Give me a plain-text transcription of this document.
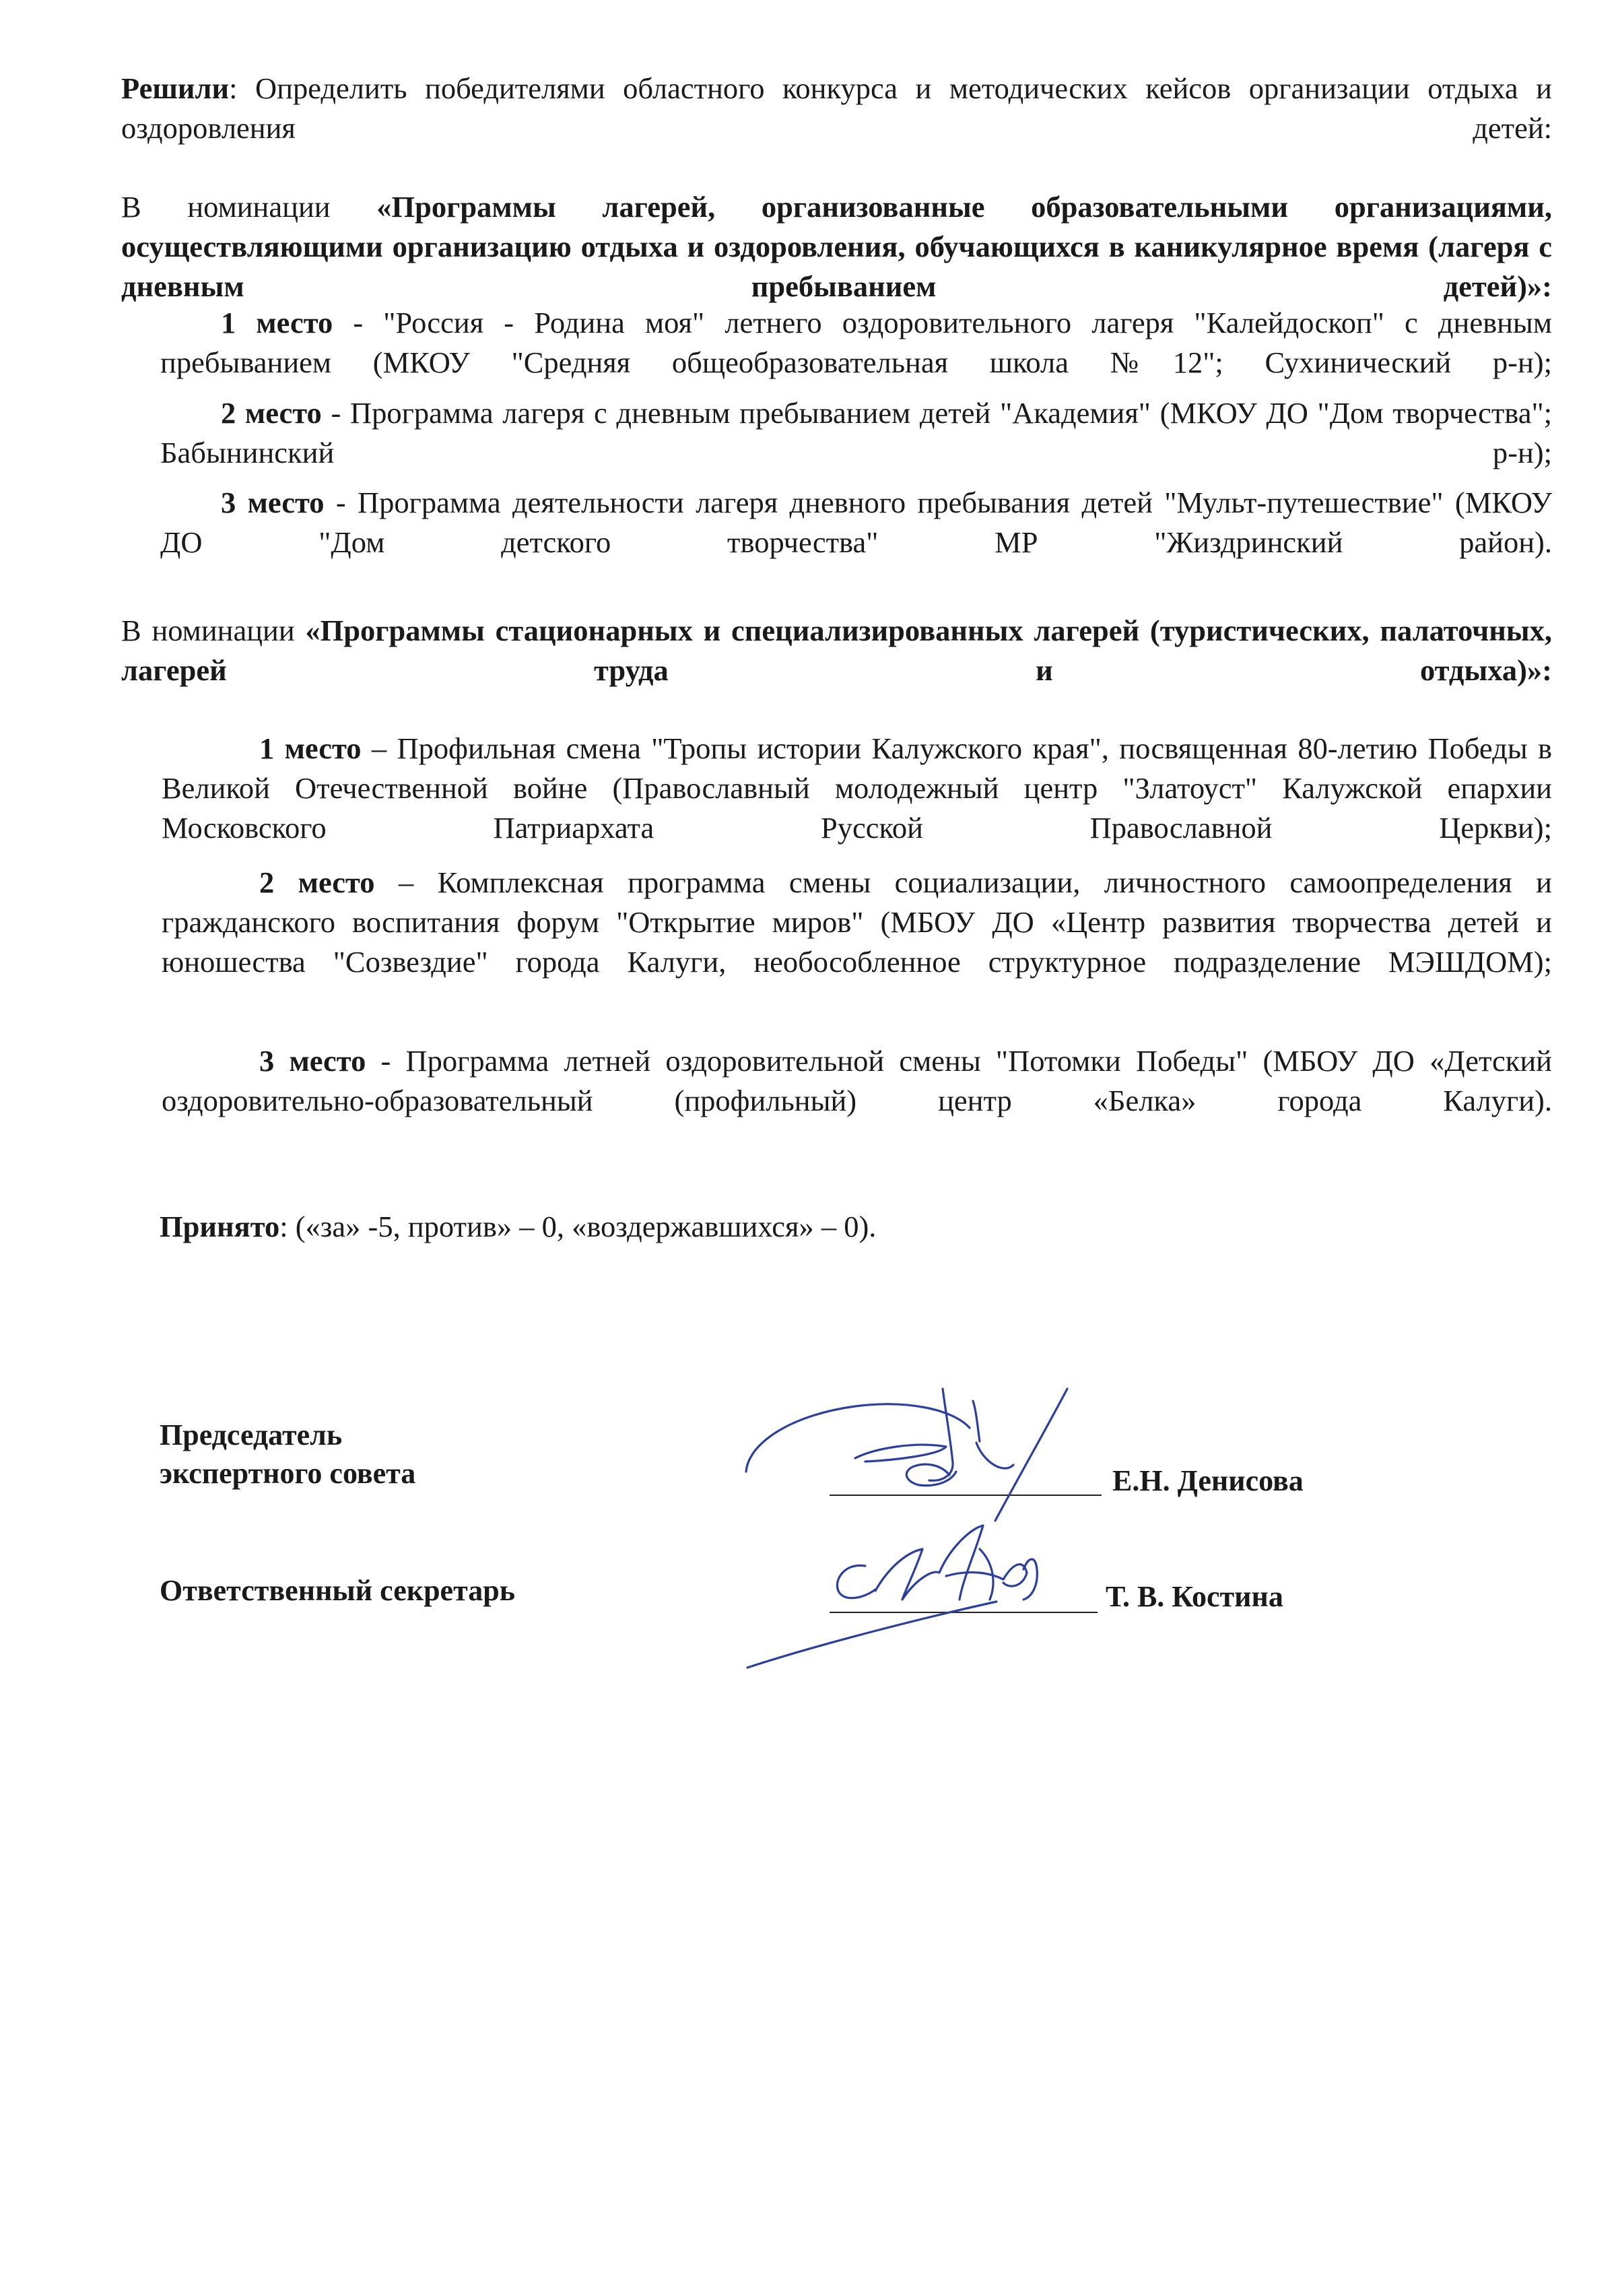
Решили: Определить победителями областного конкурса и методических кейсов организации отдыха и оздоровления детей:
В номинации «Программы лагерей, организованные образовательными организациями, осуществляющими организацию отдыха и оздоровления, обучающихся в каникулярное время (лагеря с дневным пребыванием детей)»:
1 место - "Россия - Родина моя" летнего оздоровительного лагеря "Калейдоскоп" с дневным пребыванием (МКОУ "Средняя общеобразовательная школа №12"; Сухинический р-н);
2 место - Программа лагеря с дневным пребыванием детей "Академия" (МКОУ ДО "Дом творчества"; Бабынинский р-н);
3 место - Программа деятельности лагеря дневного пребывания детей "Мульт-путешествие" (МКОУ ДО "Дом детского творчества" МР "Жиздринский район).
В номинации «Программы стационарных и специализированных лагерей (туристических, палаточных, лагерей труда и отдыха)»:
1 место – Профильная смена "Тропы истории Калужского края", посвященная 80-летию Победы в Великой Отечественной войне (Православный молодежный центр "Златоуст" Калужской епархии Московского Патриархата Русской Православной Церкви);
2 место – Комплексная программа смены социализации, личностного самоопределения и гражданского воспитания форум "Открытие миров" (МБОУ ДО «Центр развития творчества детей и юношества "Созвездие" города Калуги, необособленное структурное подразделение МЭШДОМ);
3 место - Программа летней оздоровительной смены "Потомки Победы" (МБОУ ДО «Детский оздоровительно-образовательный (профильный) центр «Белка» города Калуги).
Принято: («за» -5, против» – 0, «воздержавшихся» – 0).
Председатель
экспертного совета	Е.Н. Денисова
Ответственный секретарь	Т. В. Костина
